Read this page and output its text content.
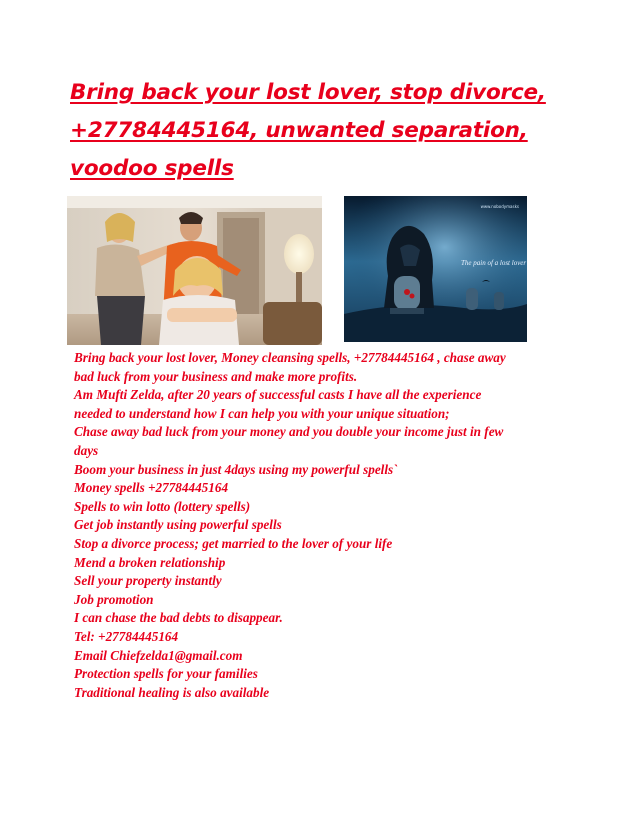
Bring back your lost lover, stop divorce,
+27784445164, unwanted separation,
voodoo spells
www.nobodymasks
The pain of a lost lover
Bring back your lost lover, Money cleansing spells, +27784445164 , chase away
bad luck from your business and make more profits.
Am Mufti Zelda, after 20 years of successful casts I have all the experience
needed to understand how I can help you with your unique situation;
Chase away bad luck from your money and you double your income just in few
days
Boom your business in just 4days using my powerful spells`
Money spells +27784445164
Spells to win lotto (lottery spells)
Get job instantly using powerful spells
Stop a divorce process; get married to the lover of your life
Mend a broken relationship
Sell your property instantly
Job promotion
I can chase the bad debts to disappear.
Tel: +27784445164
Email Chiefzelda1@gmail.com
Protection spells for your families
Traditional healing is also available
